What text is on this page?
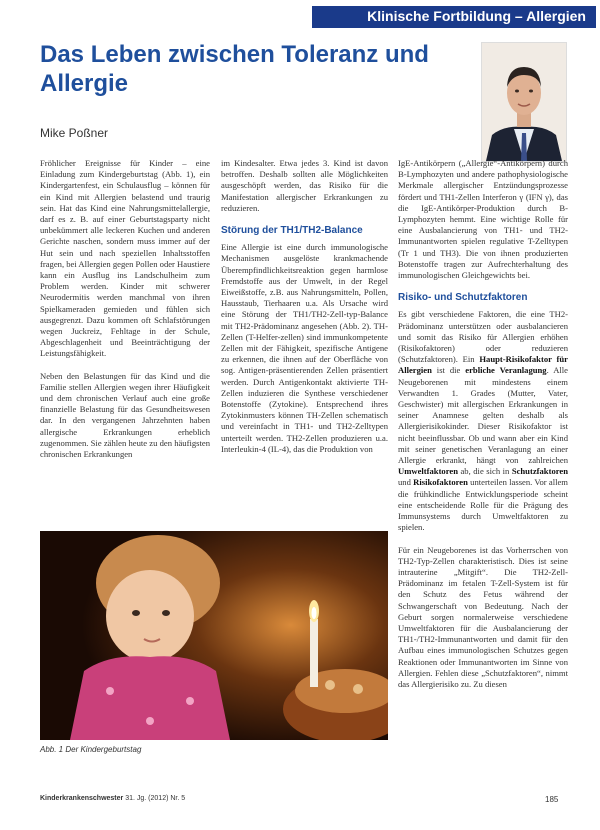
Klinische Fortbildung – Allergien
Das Leben zwischen Toleranz und Allergie
Mike Poßner

Fröhlicher Ereignisse für Kinder – eine Einladung zum Kindergeburtstag (Abb. 1), ein Kindergartenfest, ein Schulausflug – können für ein Kind mit Allergien belastend und traurig sein. Hat das Kind eine Nahrungsmittelallergie, darf es z. B. auf einer Geburtstagsparty nicht unbekümmert alle leckeren Kuchen und anderen Gerichte naschen, sondern muss immer auf der Hut sein und nach speziellen Inhaltsstoffen fragen, bei Allergien gegen Pollen oder Haustiere kann ein Ausflug ins Landschulheim zum Problem werden. Kinder mit schwerer Neurodermitis werden manchmal von ihren Spielkameraden gemieden und fühlen sich ausgegrenzt. Dazu kommen oft Schlafstörungen wegen Juckreiz, Fehltage in der Schule, Abgeschlagenheit und Beeinträchtigung der Leistungsfähigkeit.

Neben den Belastungen für das Kind und die Familie stellen Allergien wegen ihrer Häufigkeit und dem chronischen Verlauf auch eine große finanzielle Belastung für das Gesundheitswesen dar. In den vergangenen Jahrzehnten haben allergische Erkrankungen erheblich zugenommen. Sie zählen heute zu den häufigsten chronischen Erkrankungen

im Kindesalter. Etwa jedes 3. Kind ist davon betroffen. Deshalb sollten alle Möglichkeiten ausgeschöpft werden, das Risiko für die Manifestation allergischer Erkrankungen zu reduzieren.

Störung der TH1/TH2-Balance

Eine Allergie ist eine durch immunologische Mechanismen ausgelöste krankmachende Überempfindlichkeitsreaktion gegen harmlose Fremdstoffe aus der Umwelt, in der Regel Eiweißstoffe, z.B. aus Nahrungsmitteln, Pollen, Hausstaub, Tierhaaren u.a. Als Ursache wird eine Störung der TH1/TH2-Zell-typ-Balance mit TH2-Prädominanz angesehen (Abb. 2). TH-Zellen (T-Helfer-zellen) sind immunkompetente Zellen mit der Fähigkeit, spezifische Antigene zu erkennen, die ihnen auf der Oberfläche von sog. Antigen-präsentierenden Zellen präsentiert werden. Durch Antigenkontakt aktivierte TH-Zellen induzieren die Synthese verschiedener Botenstoffe (Zytokine). Entsprechend ihres Zytokinmusters können TH-Zellen schematisch und vereinfacht in TH1- und TH2-Zelltypen unterteilt werden. TH2-Zellen produzieren u.a. Interleukin-4 (IL-4), das die Produktion von

IgE-Antikörpern („Allergie“-Antikörpern) durch B-Lymphozyten und andere pathophysiologische Merkmale allergischer Entzündungsprozesse fördert und TH1-Zellen Interferon γ (IFN γ), das die IgE-Antikörper-Produktion durch B-Lymphozyten hemmt. Eine wichtige Rolle für eine Ausbalancierung von TH1- und TH2-Immunantworten spielen regulative T-Zelltypen (Tr 1 und TH3). Die von ihnen produzierten Botenstoffe tragen zur Aufrechterhaltung des immunologischen Gleichgewichts bei.

Risiko- und Schutzfaktoren

Es gibt verschiedene Faktoren, die eine TH2-Prädominanz unterstützen oder ausbalancieren und somit das Risiko für Allergien erhöhen (Risikofaktoren) oder reduzieren (Schutzfaktoren). Ein Haupt-Risikofaktor für Allergien ist die erbliche Veranlagung. Alle Neugeborenen mit mindestens einem Verwandten 1. Grades (Mutter, Vater, Geschwister) mit allergischen Erkrankungen in seiner Anamnese gelten deshalb als Allergierisikokinder. Dieser Risikofaktor ist nicht beeinflussbar. Ob und wann aber ein Kind mit seiner genetischen Veranlagung an einer Allergie erkrankt, hängt von zahlreichen Umweltfaktoren ab, die sich in Schutzfaktoren und Risikofaktoren unterteilen lassen. Vor allem die frühkindliche Entwicklungsperiode scheint eine entscheidende Rolle für die Prägung des Immunsystems durch Umweltfaktoren zu spielen.

Für ein Neugeborenes ist das Vorherrschen von TH2-Typ-Zellen charakteristisch. Dies ist seine intrauterine „Mitgift“. Die TH2-Zell-Prädominanz im fetalen T-Zell-System ist für den Schutz des Fetus während der Schwangerschaft von Bedeutung. Nach der Geburt sorgen normalerweise verschiedene Umweltfaktoren für die Ausbalancierung der TH1-/TH2-Immunantworten und damit für den Aufbau eines immunologischen Schutzes gegen Reaktionen oder Immunantworten im Sinne von Allergien. Fehlen diese „Schutzfaktoren“, nimmt das Allergierisiko zu. Zu diesen

Abb. 1 Der Kindergeburtstag
Kinderkrankenschwester 31. Jg. (2012) Nr. 5	185
